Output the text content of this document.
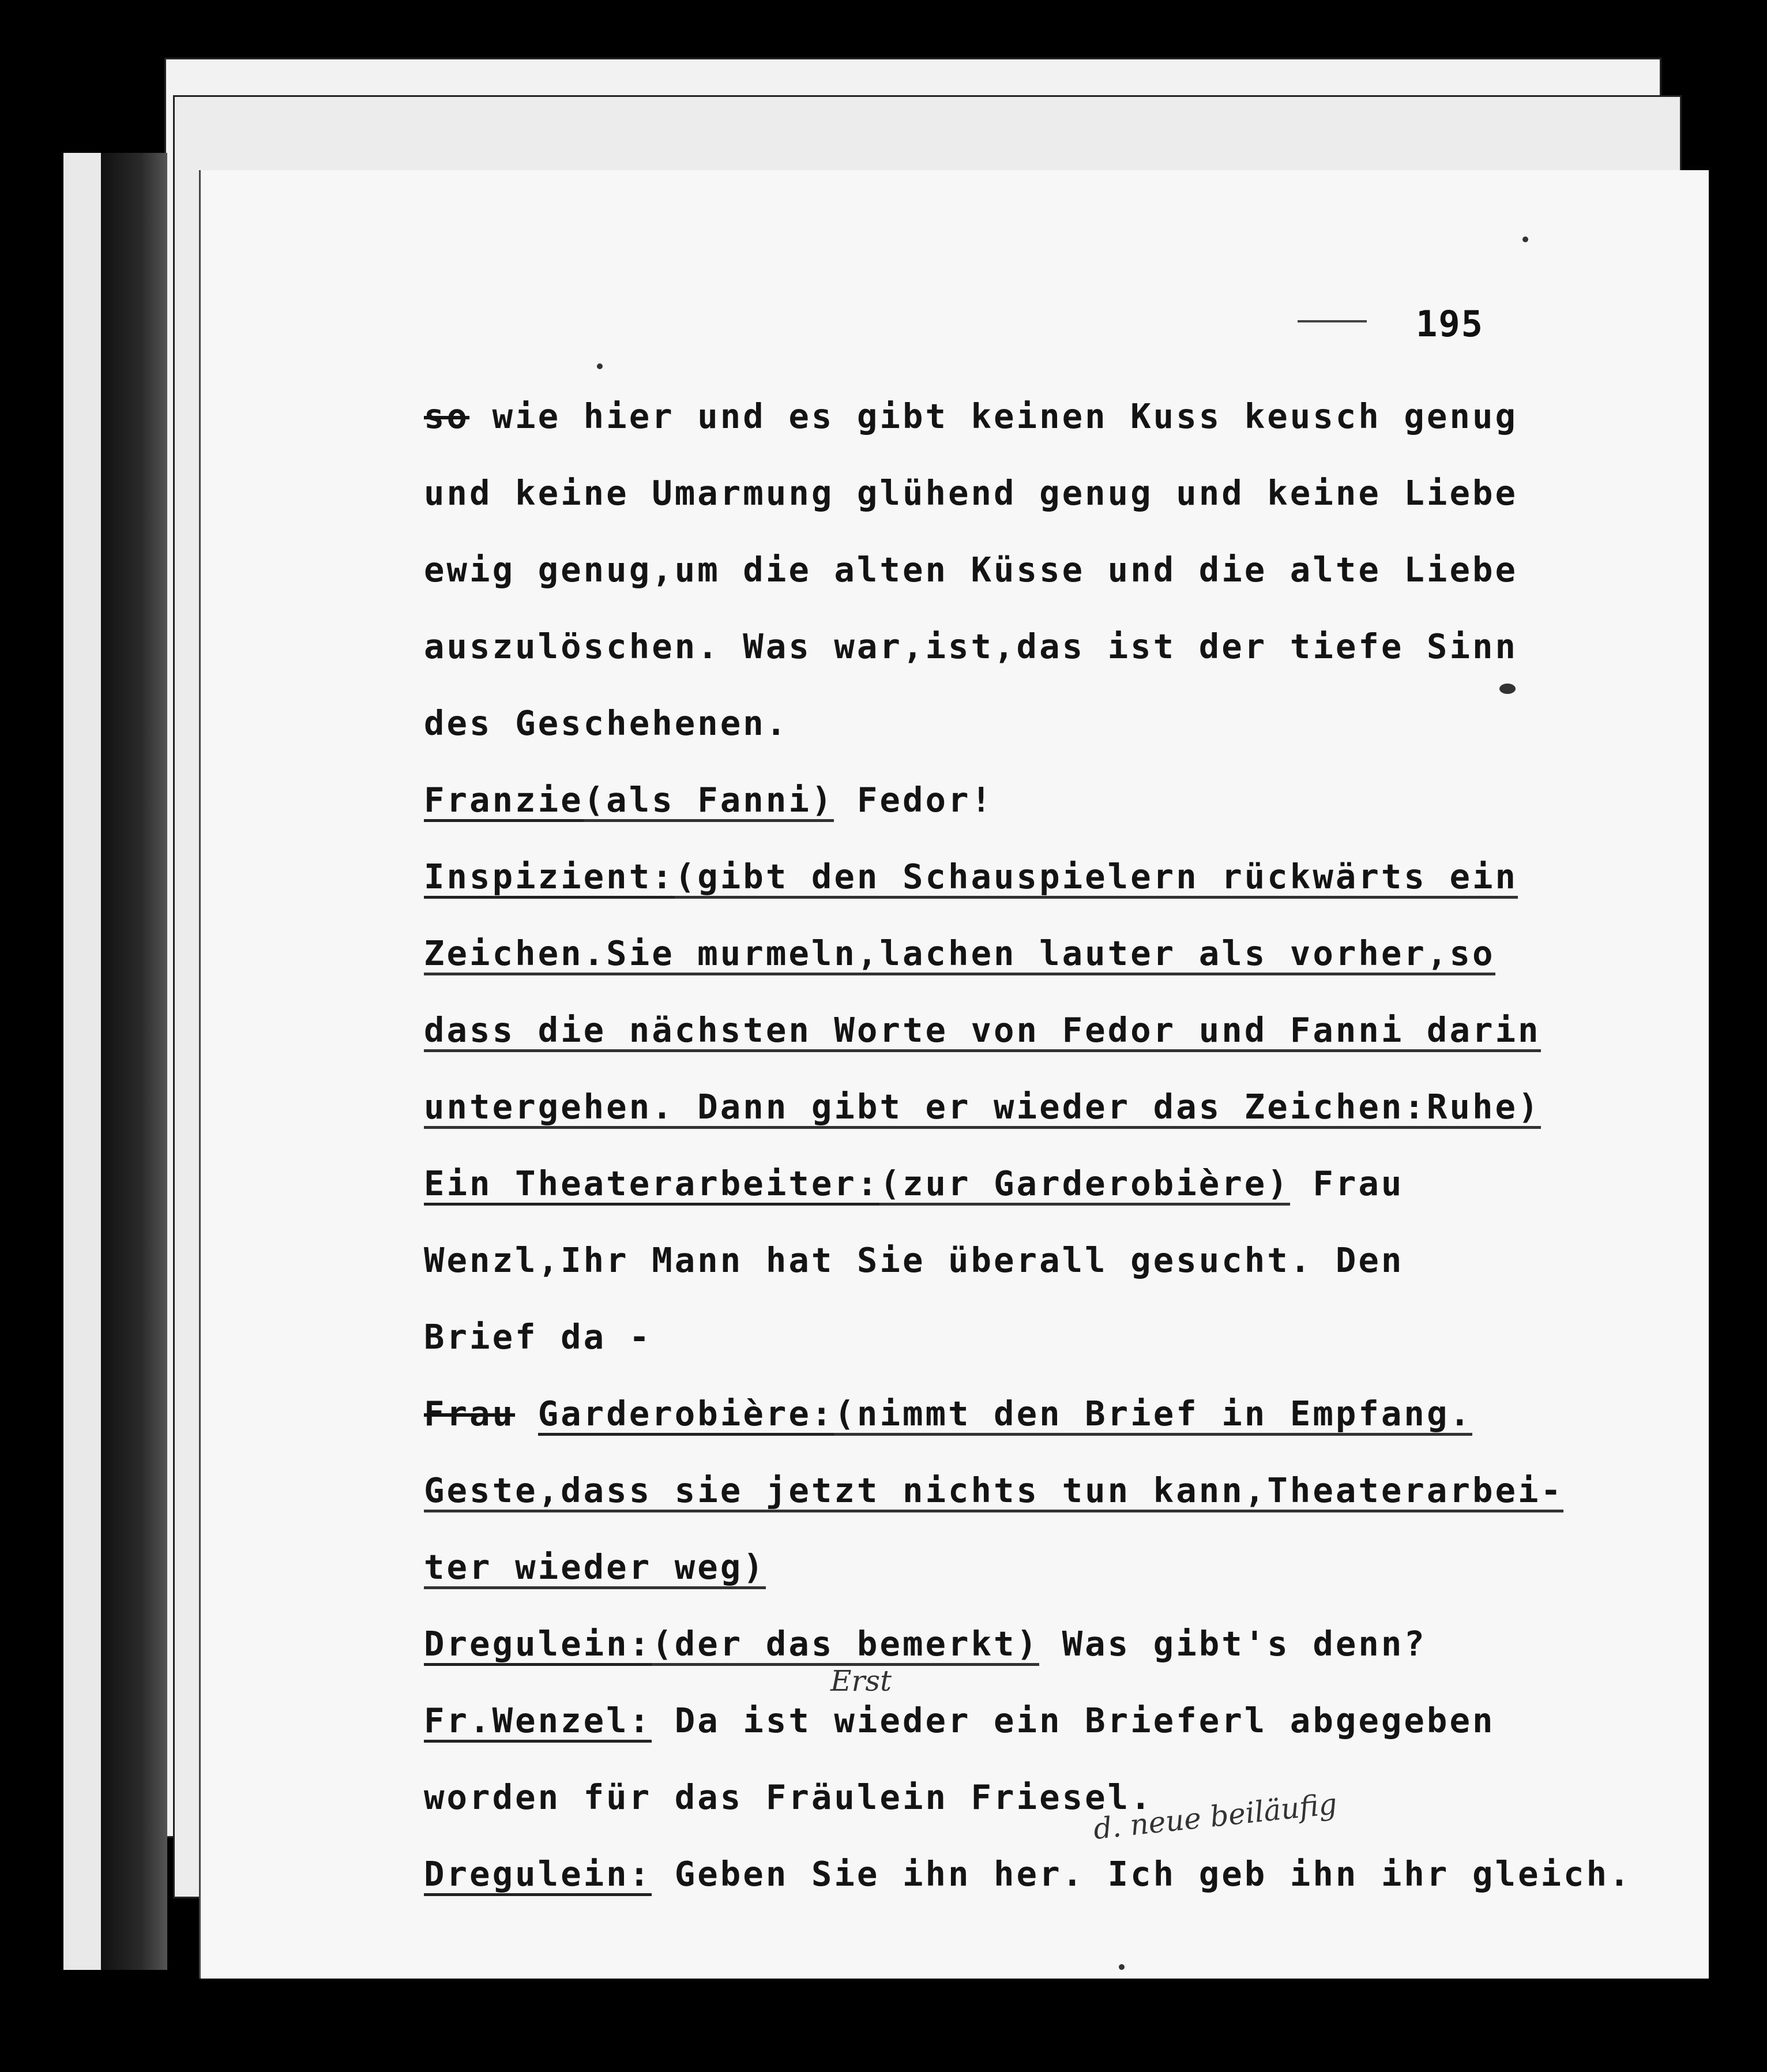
195
so wie hier und es gibt keinen Kuss keusch genug
und keine Umarmung glühend genug und keine Liebe
ewig genug,um die alten Küsse und die alte Liebe
auszulöschen. Was war,ist,das ist der tiefe Sinn
des Geschehenen.
Franzie(als Fanni) Fedor!
Inspizient:(gibt den Schauspielern rückwärts ein
Zeichen.Sie murmeln,lachen lauter als vorher,so
dass die nächsten Worte von Fedor und Fanni darin
untergehen. Dann gibt er wieder das Zeichen:Ruhe)
Ein Theaterarbeiter:(zur Garderobière) Frau
Wenzl,Ihr Mann hat Sie überall gesucht. Den
Brief da -
Frau Garderobière:(nimmt den Brief in Empfang.
Geste,dass sie jetzt nichts tun kann,Theaterarbei-
ter wieder weg)
Dregulein:(der das bemerkt) Was gibt's denn?
Fr.Wenzel: Da ist wieder ein Brieferl abgegeben
worden für das Fräulein Friesel.
Dregulein: Geben Sie ihn her. Ich geb ihn ihr gleich.
Erst
d. neue beiläufig
